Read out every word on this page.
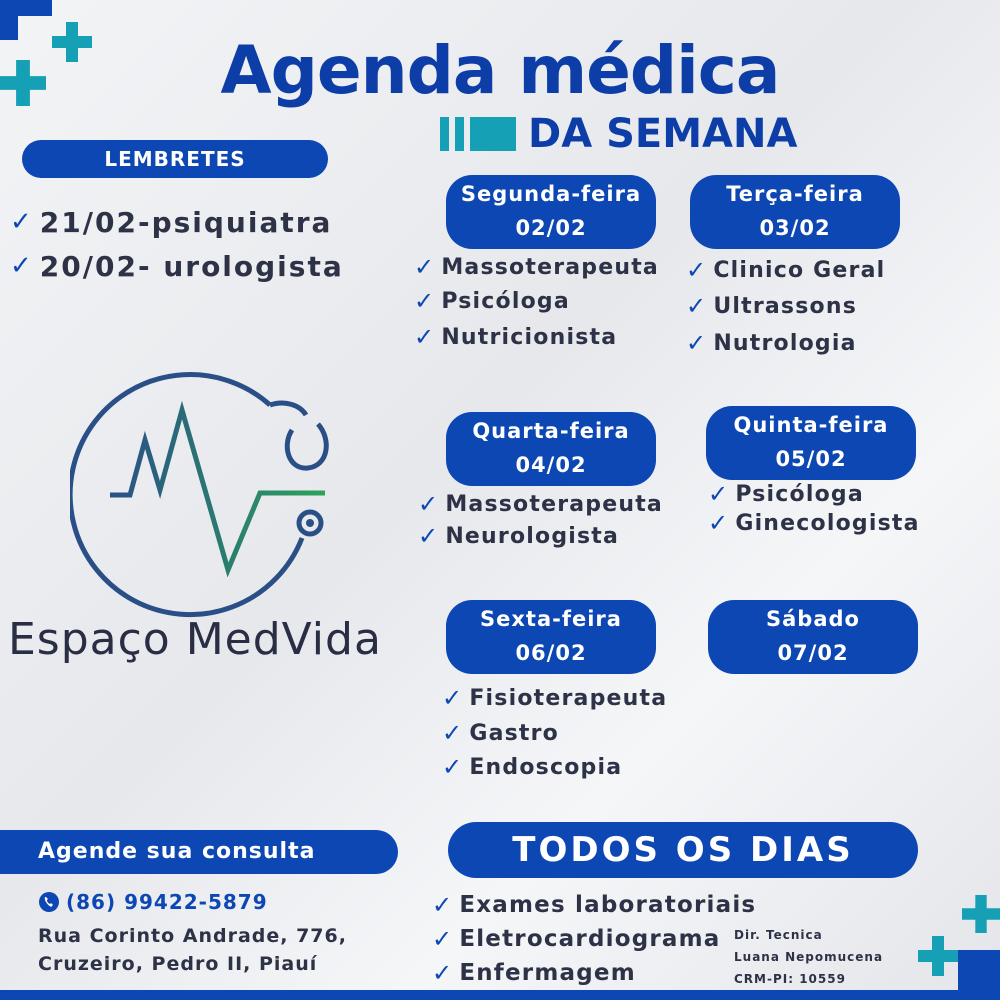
Agenda médica
DA SEMANA
LEMBRETES
✓ 21/02-psiquiatra
✓ 20/02- urologista
Espaço MedVida
Segunda-feira
02/02
Terça-feira
03/02
Quarta-feira
04/02
Quinta-feira
05/02
Sexta-feira
06/02
Sábado
07/02
✓ Massoterapeuta
✓ Psicóloga
✓ Nutricionista
✓ Clinico Geral
✓ Ultrassons
✓ Nutrologia
✓ Massoterapeuta
✓ Neurologista
✓ Psicóloga
✓ Ginecologista
✓ Fisioterapeuta
✓ Gastro
✓ Endoscopia
TODOS OS DIAS
✓ Exames laboratoriais
✓ Eletrocardiograma
✓ Enfermagem
Agende sua consulta
(86) 99422-5879
Rua Corinto Andrade, 776,
Cruzeiro, Pedro II, Piauí
Dir. Tecnica
Luana Nepomucena
CRM-PI: 10559
